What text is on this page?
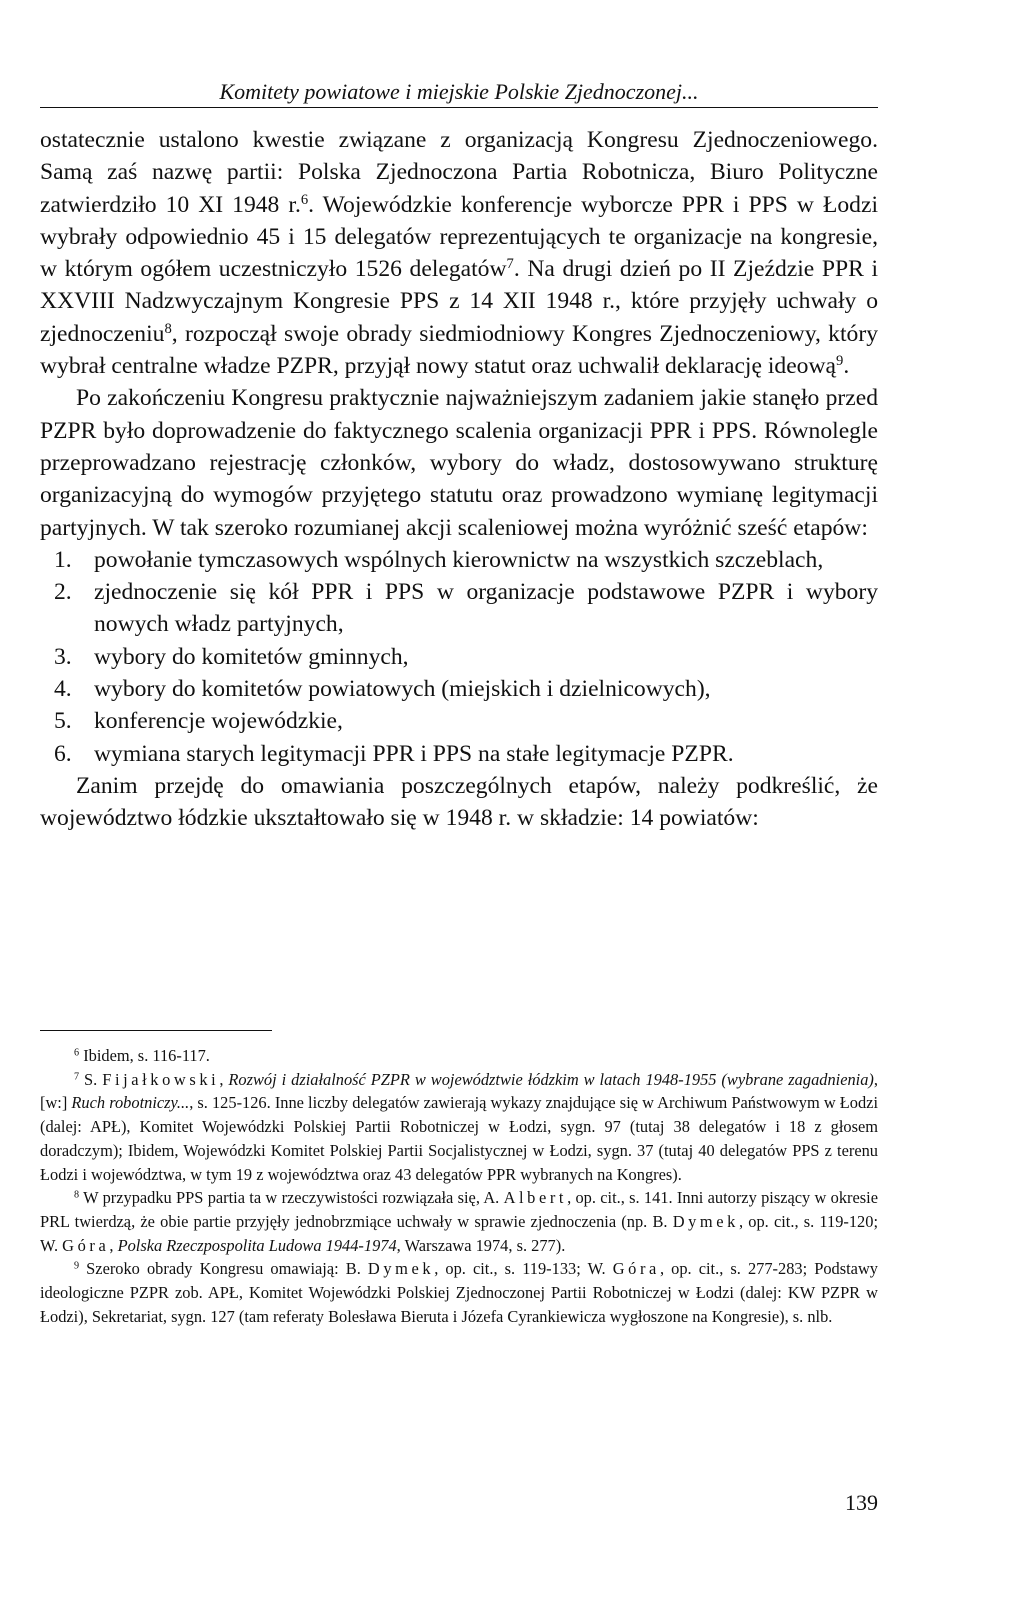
Komitety powiatowe i miejskie Polskie Zjednoczonej...

ostatecznie ustalono kwestie związane z organizacją Kongresu Zjednoczeniowego. Samą zaś nazwę partii: Polska Zjednoczona Partia Robotnicza, Biuro Polityczne zatwierdziło 10 XI 1948 r.$^6$. Wojewódzkie konferencje wyborcze PPR i PPS w Łodzi wybrały odpowiednio 45 i 15 delegatów reprezentujących te organizacje na kongresie, w którym ogółem uczestniczyło 1526 delegatów$^7$. Na drugi dzień po II Zjeździe PPR i XXVIII Nadzwyczajnym Kongresie PPS z 14 XII 1948 r., które przyjęły uchwały o zjednoczeniu$^8$, rozpoczął swoje obrady siedmiodniowy Kongres Zjednoczeniowy, który wybrał centralne władze PZPR, przyjął nowy statut oraz uchwalił deklarację ideową$^9$.

Po zakończeniu Kongresu praktycznie najważniejszym zadaniem jakie stanęło przed PZPR było doprowadzenie do faktycznego scalenia organizacji PPR i PPS. Równolegle przeprowadzano rejestrację członków, wybory do władz, dostosowywano strukturę organizacyjną do wymogów przyjętego statutu oraz prowadzono wymianę legitymacji partyjnych. W tak szeroko rozumianej akcji scaleniowej można wyróżnić sześć etapów:

1. powołanie tymczasowych wspólnych kierownictw na wszystkich szczeblach,
2. zjednoczenie się kół PPR i PPS w organizacje podstawowe PZPR i wybory nowych władz partyjnych,
3. wybory do komitetów gminnych,
4. wybory do komitetów powiatowych (miejskich i dzielnicowych),
5. konferencje wojewódzkie,
6. wymiana starych legitymacji PPR i PPS na stałe legitymacje PZPR.

Zanim przejdę do omawiania poszczególnych etapów, należy podkreślić, że województwo łódzkie ukształtowało się w 1948 r. w składzie: 14 powiatów:

$^6$ Ibidem, s. 116-117.

$^7$ S. Fijałkowski, Rozwój i działalność PZPR w województwie łódzkim w latach 1948-1955 (wybrane zagadnienia), [w:] Ruch robotniczy..., s. 125-126. Inne liczby delegatów zawierają wykazy znajdujące się w Archiwum Państwowym w Łodzi (dalej: APŁ), Komitet Wojewódzki Polskiej Partii Robotniczej w Łodzi, sygn. 97 (tutaj 38 delegatów i 18 z głosem doradczym); Ibidem, Wojewódzki Komitet Polskiej Partii Socjalistycznej w Łodzi, sygn. 37 (tutaj 40 delegatów PPS z terenu Łodzi i województwa, w tym 19 z województwa oraz 43 delegatów PPR wybranych na Kongres).

$^8$ W przypadku PPS partia ta w rzeczywistości rozwiązała się, A. Albert, op. cit., s. 141. Inni autorzy piszący w okresie PRL twierdzą, że obie partie przyjęły jednobrzmiące uchwały w sprawie zjednoczenia (np. B. Dymek, op. cit., s. 119-120; W. Góra, Polska Rzeczpospolita Ludowa 1944-1974, Warszawa 1974, s. 277).

$^9$ Szeroko obrady Kongresu omawiają: B. Dymek, op. cit., s. 119-133; W. Góra, op. cit., s. 277-283; Podstawy ideologiczne PZPR zob. APŁ, Komitet Wojewódzki Polskiej Zjednoczonej Partii Robotniczej w Łodzi (dalej: KW PZPR w Łodzi), Sekretariat, sygn. 127 (tam referaty Bolesława Bieruta i Józefa Cyrankiewicza wygłoszone na Kongresie), s. nlb.

139
